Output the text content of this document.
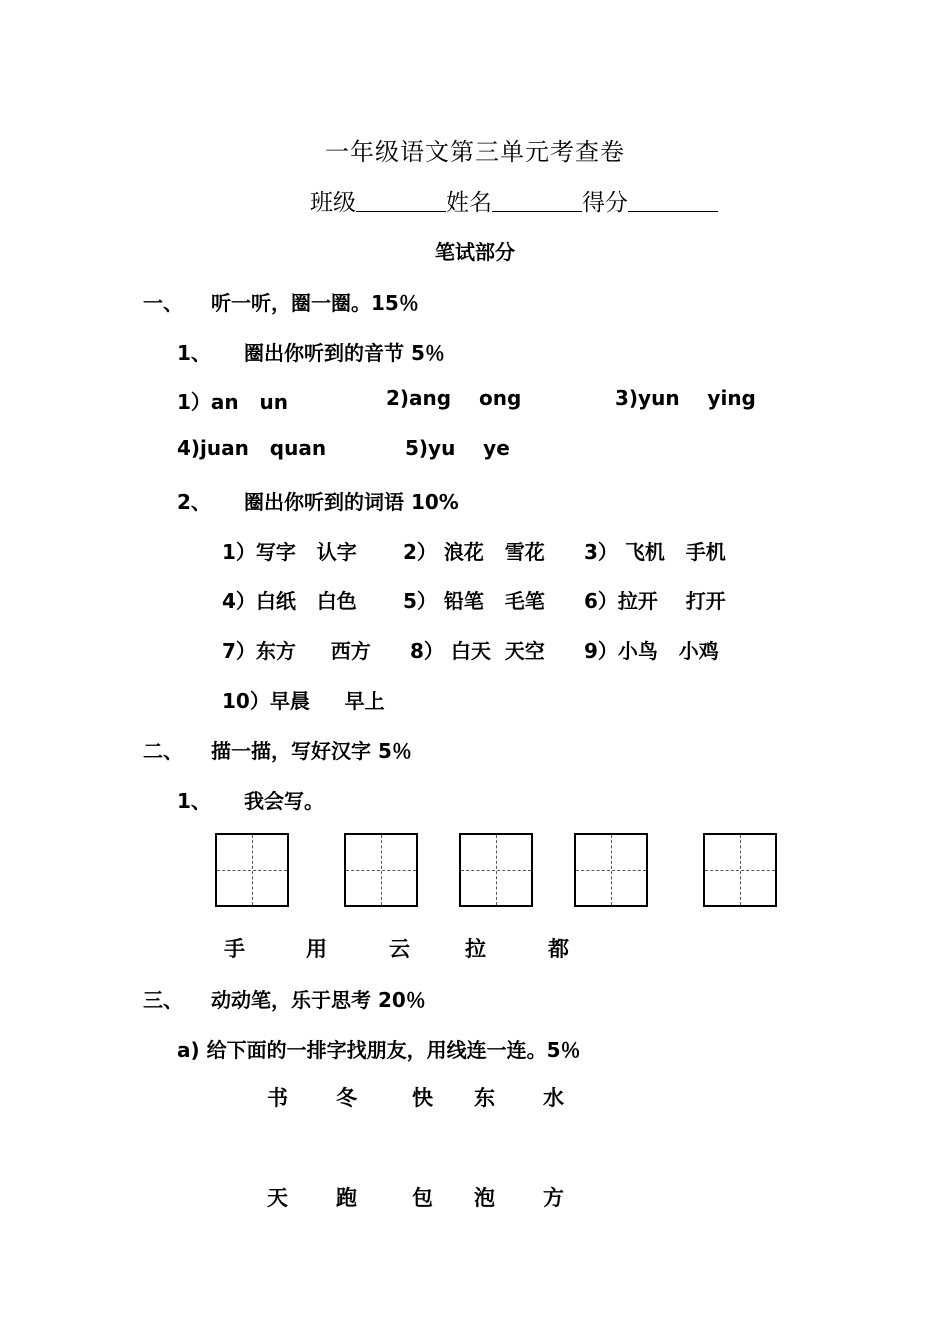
一年级语文第三单元考查卷
班级	姓名	得分
笔试部分
一、 听一听，圈一圈。15％
1、 圈出你听到的音节 5％
1）an   un	2)ang    ong	3)yun    ying
4)juan   quan	5)yu    ye
2、 圈出你听到的词语 10%
1）写字   认字 2） 浪花   雪花 3） 飞机   手机
4）白纸   白色 5） 铅笔   毛笔 6）拉开    打开
7）东方     西方 8） 白天  天空 9）小鸟   小鸡
10）早晨     早上
二、 描一描，写好汉字 5％
1、 我会写。
手	用	云	拉	都
三、 动动笔，乐于思考 20％
a) 给下面的一排字找朋友，用线连一连。5％
书 冬	快 东 水
天 跑	包 泡 方
